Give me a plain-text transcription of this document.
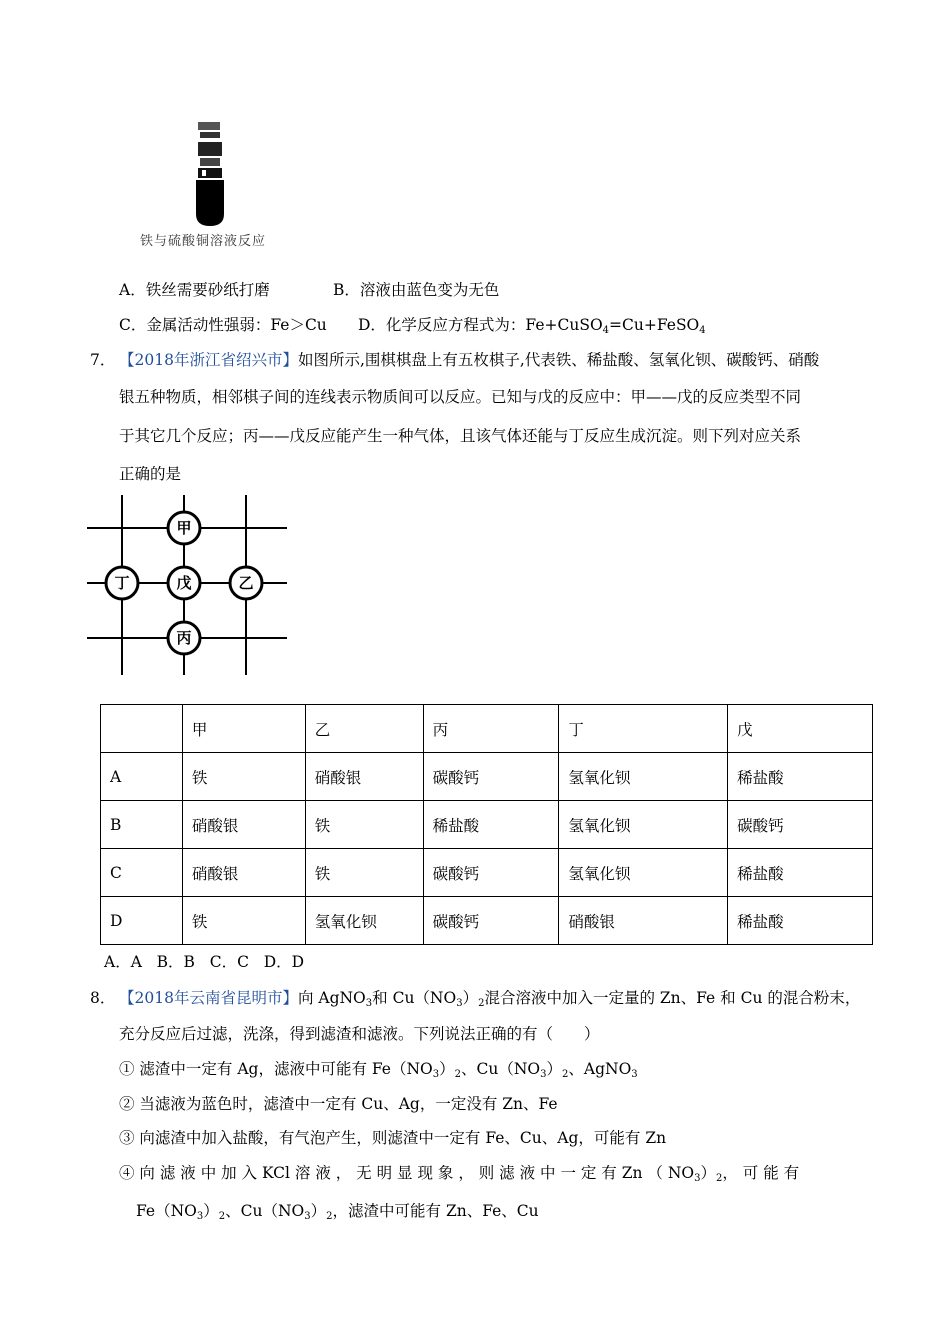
铁与硫酸铜溶液反应
A．铁丝需要砂纸打磨	B．溶液由蓝色变为无色
C．金属活动性强弱：Fe＞Cu D．化学反应方程式为：Fe+CuSO$_4$=Cu+FeSO$_4$
7． 【2018年浙江省绍兴市】如图所示,围棋棋盘上有五枚棋子,代表铁、稀盐酸、氢氧化钡、碳酸钙、硝酸
银五种物质，相邻棋子间的连线表示物质间可以反应。已知与戊的反应中：甲——戊的反应类型不同
于其它几个反应；丙——戊反应能产生一种气体，且该气体还能与丁反应生成沉淀。则下列对应关系
正确的是
甲
丁	戊	乙
丙
	甲	乙	丙	丁	戊
A	铁	硝酸银	碳酸钙	氢氧化钡	稀盐酸
B	硝酸银	铁	稀盐酸	氢氧化钡	碳酸钙
C	硝酸银	铁	碳酸钙	氢氧化钡	稀盐酸
D	铁	氢氧化钡	碳酸钙	硝酸银	稀盐酸
A．A   B．B   C．C   D．D
8． 【2018年云南省昆明市】向 AgNO$_3$和 $Cu(NO_3)_2$混合溶液中加入一定量的 Zn、Fe 和 Cu 的混合粉末，
充分反应后过滤，洗涤，得到滤渣和滤液。下列说法正确的有（　　）
① 滤渣中一定有 Ag，滤液中可能有 $Fe(NO_3)_2$、$Cu(NO_3)_2$、AgNO$_3$
② 当滤液为蓝色时，滤渣中一定有 Cu、Ag，一定没有 Zn、Fe
③ 向滤渣中加入盐酸，有气泡产生，则滤渣中一定有 Fe、Cu、Ag，可能有 Zn
④ 向 滤 液 中 加 入 KCl 溶 液 ， 无 明 显 现 象 ， 则 滤 液 中 一 定 有 Zn （ $NO_3)_2$， 可 能 有
$Fe(NO_3)_2$、$Cu(NO_3)_2$，滤渣中可能有 Zn、Fe、Cu
